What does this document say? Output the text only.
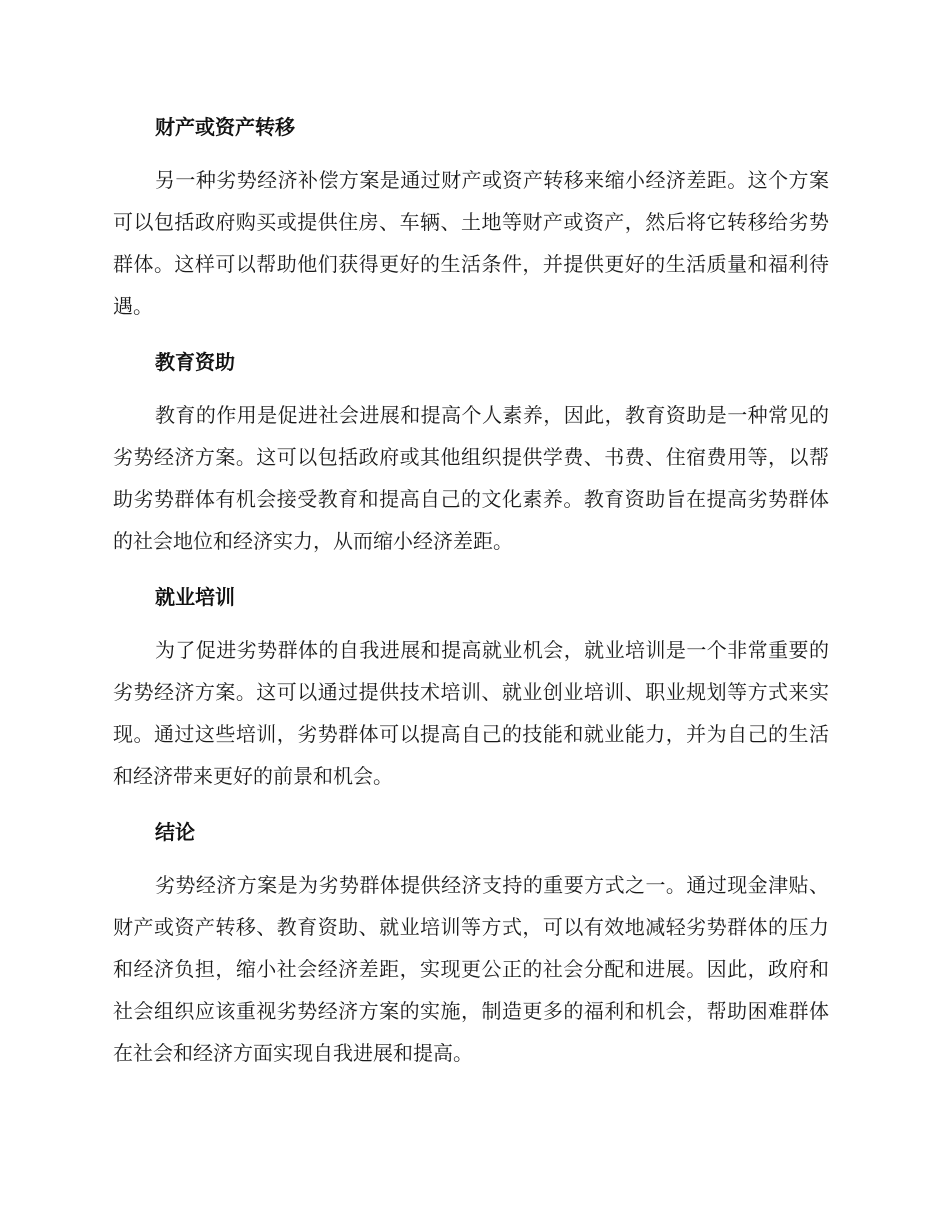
财产或资产转移

另一种劣势经济补偿方案是通过财产或资产转移来缩小经济差距。这个方案可以包括政府购买或提供住房、车辆、土地等财产或资产，然后将它转移给劣势群体。这样可以帮助他们获得更好的生活条件，并提供更好的生活质量和福利待遇。

教育资助

教育的作用是促进社会进展和提高个人素养，因此，教育资助是一种常见的劣势经济方案。这可以包括政府或其他组织提供学费、书费、住宿费用等，以帮助劣势群体有机会接受教育和提高自己的文化素养。教育资助旨在提高劣势群体的社会地位和经济实力，从而缩小经济差距。

就业培训

为了促进劣势群体的自我进展和提高就业机会，就业培训是一个非常重要的劣势经济方案。这可以通过提供技术培训、就业创业培训、职业规划等方式来实现。通过这些培训，劣势群体可以提高自己的技能和就业能力，并为自己的生活和经济带来更好的前景和机会。

结论

劣势经济方案是为劣势群体提供经济支持的重要方式之一。通过现金津贴、财产或资产转移、教育资助、就业培训等方式，可以有效地减轻劣势群体的压力和经济负担，缩小社会经济差距，实现更公正的社会分配和进展。因此，政府和社会组织应该重视劣势经济方案的实施，制造更多的福利和机会，帮助困难群体在社会和经济方面实现自我进展和提高。
